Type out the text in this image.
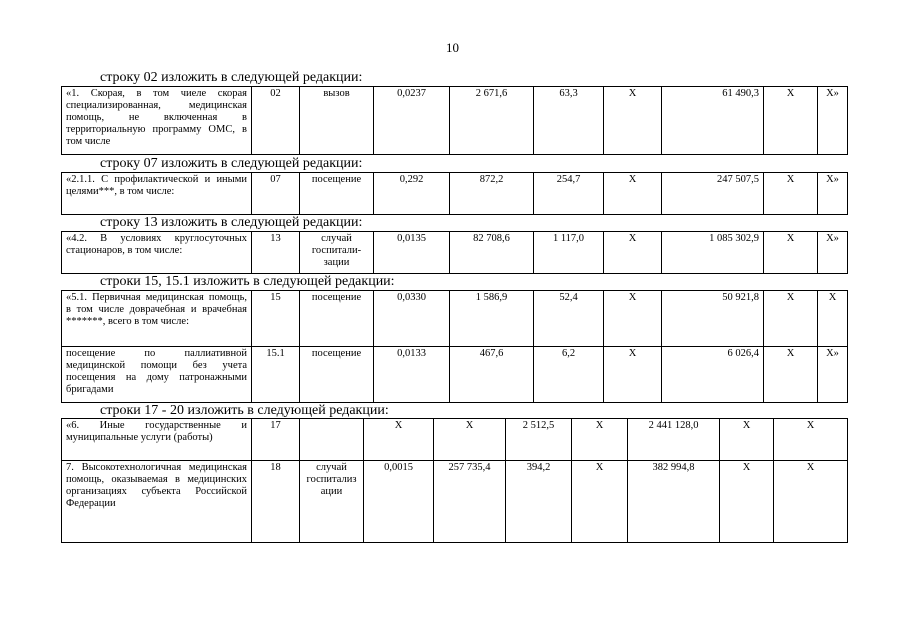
10
строку 02 изложить в следующей редакции:
«1. Скорая, в том чиеле скорая специализированная, медицинская помощь, не включенная в территориальную программу ОМС, в том числе	02	вызов	0,0237	2 671,6	63,3	X	61 490,3	X	X»
строку 07 изложить в следующей редакции:
«2.1.1. С профилактической и иными целями***, в том числе:	07	посещение	0,292	872,2	254,7	X	247 507,5	X	X»
строку 13 изложить в следующей редакции:
«4.2. В условиях круглосуточных стационаров, в том числе:	13	случай госпитали-зации	0,0135	82 708,6	1 117,0	X	1 085 302,9	X	X»
строки 15, 15.1 изложить в следующей редакции:
«5.1. Первичная медицинская помощь, в том числе доврачебная и врачебная *******, всего в том числе:	15	посещение	0,0330	1 586,9	52,4	X	50 921,8	X	X
посещение по паллиативной медицинской помощи без учета посещения на дому патронажными бригадами	15.1	посещение	0,0133	467,6	6,2	X	6 026,4	X	X»
строки 17 - 20 изложить в следующей редакции:
«6. Иные государственные и муниципальные услуги (работы)	17		X	X	2 512,5	X	2 441 128,0	X	X
7. Высокотехнологичная медицинская помощь, оказываемая в медицинских организациях субъекта Российской Федерации	18	случай госпитализ ации	0,0015	257 735,4	394,2	X	382 994,8	X	X
